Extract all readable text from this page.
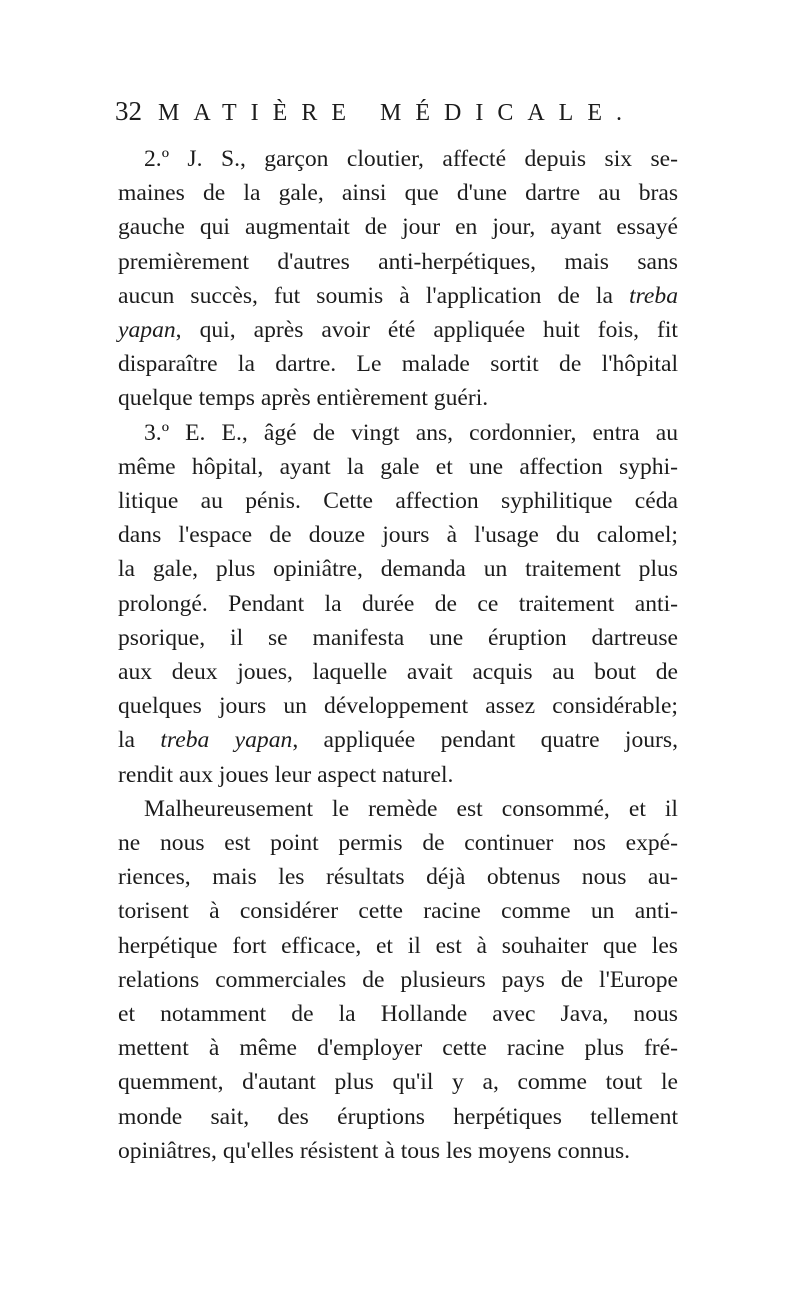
32 MATIÈRE MÉDICALE.
2.º J. S., garçon cloutier, affecté depuis six se-
maines de la gale, ainsi que d'une dartre au bras
gauche qui augmentait de jour en jour, ayant essayé
premièrement d'autres anti-herpétiques, mais sans
aucun succès, fut soumis à l'application de la treba
yapan, qui, après avoir été appliquée huit fois, fit
disparaître la dartre. Le malade sortit de l'hôpital
quelque temps après entièrement guéri.
3.º E. E., âgé de vingt ans, cordonnier, entra au
même hôpital, ayant la gale et une affection syphi-
litique au pénis. Cette affection syphilitique céda
dans l'espace de douze jours à l'usage du calomel;
la gale, plus opiniâtre, demanda un traitement plus
prolongé. Pendant la durée de ce traitement anti-
psorique, il se manifesta une éruption dartreuse
aux deux joues, laquelle avait acquis au bout de
quelques jours un développement assez considérable;
la treba yapan, appliquée pendant quatre jours,
rendit aux joues leur aspect naturel.
Malheureusement le remède est consommé, et il
ne nous est point permis de continuer nos expé-
riences, mais les résultats déjà obtenus nous au-
torisent à considérer cette racine comme un anti-
herpétique fort efficace, et il est à souhaiter que les
relations commerciales de plusieurs pays de l'Europe
et notamment de la Hollande avec Java, nous
mettent à même d'employer cette racine plus fré-
quemment, d'autant plus qu'il y a, comme tout le
monde sait, des éruptions herpétiques tellement
opiniâtres, qu'elles résistent à tous les moyens connus.
